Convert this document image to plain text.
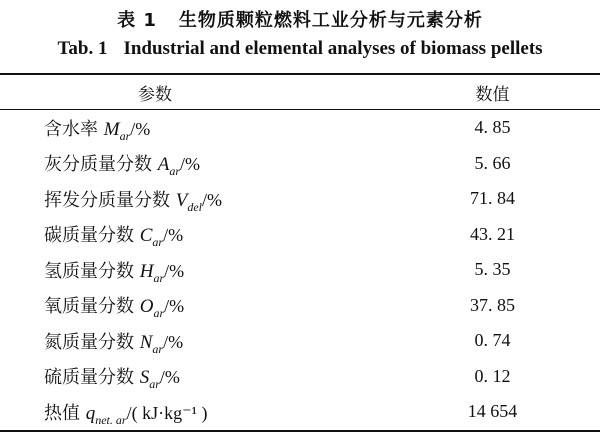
表 1 生物质颗粒燃料工业分析与元素分析
Tab. 1 Industrial and elemental analyses of biomass pellets
参数	数值
含水率 $M_{ar}/\%$	4. 85
灰分质量分数 $A_{ar}/\%$	5. 66
挥发分质量分数 $V_{del}/\%$	71. 84
碳质量分数 $C_{ar}/\%$	43. 21
氢质量分数 $H_{ar}/\%$	5. 35
氧质量分数 $O_{ar}/\%$	37. 85
氮质量分数 $N_{ar}/\%$	0. 74
硫质量分数 $S_{ar}/\%$	0. 12
热值 $q_{net. ar}/$( kJ·kg⁻¹ )	14 654
